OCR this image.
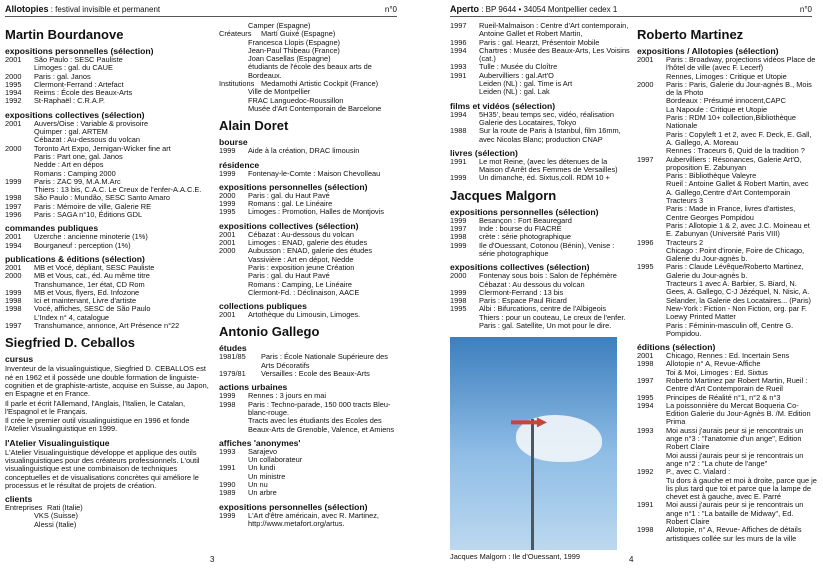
Allotopies : festival invisible et permanent	n°0
Martin Bourdanove
expositions personnelles (sélection)
2001	São Paulo : SESC Pauliste
Limoges : gal. du CAUE
2000	Paris : gal. Janos
1995	Clermont-Ferrand : Artefact
1994	Reims : École des Beaux-Arts
1992	St-Raphaël : C.R.A.P.
expositions collectives (sélection)
2001	Auvers/Oise : Variable & provisoire
Quimper : gal. ARTEM
Cébazat : Au-dessous du volcan
2000	Toronto Art Expo, Jernigan-Wicker fine art
Paris : Part one, gal. Janos
Nedde : Art en dépos
Romans : Camping 2000
1999	Paris : ZAC 99, M.A.M.Arc
Thiers : 13 bis, C.A.C. Le Creux de l'enfer-A.A.C.E.
1998	São Paulo : Mundão, SESC Santo Amaro
1997	Paris : Mémoire de ville, Galerie RE
1996	Paris : SAGA n°10, Éditions GDL
commandes publiques
2001	Uzerche : ancienne minoterie (1%)
1994	Bourganeuf : perception (1%)
publications & éditions (sélection)
2001	MB et Vocé, dépliant, SESC Pauliste
2000	MB et Vous, cat., éd. Au même titre
Transhumance, 1er état, CD Rom
1999	MB et Vous, flyers, Ed. Infozone
1998	Ici et maintenant, Livre d'artiste
1998	Vocé, affiches, SESC de São Paulo
L'Index n° 4, catalogue
1997	Transhumance, annonce, Art Présence n°22
Siegfried D. Ceballos
cursus
Inventeur de la visualinguistique, Siegfried D. CEBALLOS est né en 1962 et il possède une double formation de linguiste-cognitien et de graphiste-artiste, acquise en Suisse, au Japon, en Espagne et en France.
Il parle et écrit l'Allemand, l'Anglais, l'Italien, le Catalan, l'Espagnol et le Français.
Il crée le premier outil visualinguistique en 1996 et fonde l'Atelier Visualinguistique en 1999.
l'Atelier Visualinguistique
L'Atelier Visualinguistique développe et applique des outils visualinguistiques pour des créateurs professionnels. L'outil visualinguistique est une combinaison de techniques conceptuelles et de visualisations concrètes qui améliore le processus et le résultat de projets de création.
clients
Entreprises Rati (Italie)
VKS (Suisse)
Alessi (Italie)
Camper (Espagne)
Créateurs	Martí Guixé (Espagne)
Francesca Llopis (Espagne)
Jean-Paul Thibeau (France)
Joan Casellas (Espagne)
étudiants de l'école des beaux arts de Bordeaux.
Institutions Medamothi Artistic Cockpit (France)
Ville de Montpellier
FRAC Languedoc-Roussillon
Musée d'Art Contemporain de Barcelone
Alain Doret
bourse
1999	Aide à la création, DRAC limousin
résidence
1999	Fontenay-le-Comte : Maison Chevolleau
expositions personnelles (sélection)
2000	Paris : gal. du Haut Pavé
1999	Romans : gal. Le Linéaire
1995	Limoges : Promotion, Halles de Montjovis
expositions collectives (sélection)
2001	Cébazat : Au-dessous du volcan
2001	Limoges : ENAD, galerie des études
2000	Aubusson : ENAD, galerie des études
Vassivière : Art en dépot, Nedde
Paris : exposition jeune Création
Paris : gal. du Haut Pavé
Romans : Camping, Le Linéaire
Clermont-Fd. : Déclinaison, AACE
collections publiques
2001	Artothèque du Limousin, Limoges.
Antonio Gallego
études
1981/85	Paris : École Nationale Supérieure des Arts Décoratifs
1979/81	Versailles : Ecole des Beaux-Arts
actions urbaines
1999	Rennes : 3 jours en mai
1998	Paris : Techno-parade, 150 000 tracts Bleu-blanc-rouge.
Tracts avec les étudiants des Ecoles des Beaux-Arts de Grenoble, Valence, et Amiens
affiches 'anonymes'
1993	Sarajevo
Un collaborateur
1991	Un lundi
Un ministre
1990	Un nu
1989	Un arbre
expositions personnelles (sélection)
1999	L'Art d'être américain, avec R. Martinez,
http://www.metafort.org/artus.
3
Aperto : BP 9644 • 34054 Montpellier cedex 1	n°0
1997	Rueil-Malmaison : Centre d'Art contemporain, Antoine Gallet et Robert Martin,
1996	Paris : gal. Hearzt, Présentoir Mobile
1994	Chartres : Musée des Beaux-Arts, Les Voisins (cat.)
1993	Tulle : Musée du Cloître
1991	Aubervilliers : gal.Art'O
Leiden (NL) : gal. Time is Art
Leiden (NL) : gal. Lak
films et vidéos (sélection)
1994	5H35', beau temps sec, vidéo, réalisation Galerie des Locataires, Tokyo
1988	Sur la route de Paris à Istanbul, film 16mm, avec Nicolas Blanc; production CNAP
livres (sélection)
1991	Le mot Reine, (avec les détenues de la Maison d'Arrêt des Femmes de Versailles)
1999	Un dimanche, éd. Sixtus,coll. RDM 10 +
Jacques Malgorn
expositions personnelles (sélection)
1999	Besançon : Fort Beauregard
1997	Inde : bourse du FIACRE
1998	crète : série photographique
1999	Ile d'Ouessant, Cotonou (Bénin), Venise : série photographique
expositions collectives (sélection)
2000	Fontenay sous bois : Salon de l'éphémère
Cébazat : Au dessous du volcan
1999	Clermont-Ferrand : 13 bis
1998	Paris : Espace Paul Ricard
1995	Albi : Bifurcations, centre de l'Albigeois
Thiers : pour un couteau, Le creux de l'enfer.
Paris : gal. Satellite, Un mot pour le dire.
Jacques Malgorn : Ile d'Ouessant, 1999
Roberto Martinez
expositions / Allotopies (sélection)
2001	Paris : Broadway, projections vidéos Place de l'hôtel de ville (avec F. Lecerf)
Rennes, Limoges : Critique et Utopie
2000	Paris : Paris, Galerie du Jour-agnès B., Mois de la Photo
Bordeaux : Présumé innocent,CAPC
La Napoule : Critique et Utopie
Paris : RDM 10+ collection,Bibliothèque Nationale
Paris : Copyleft 1 et 2, avec F. Deck, E. Gall, A. Gallego, A. Moreau
Rennes : Traceurs 6, Quid de la tradition ?
1997	Aubervilliers : Résonances, Galerie Art'O, proposition E. Zabunyan
Paris : Bibliothèque Valeyre
Rueil : Antoine Gallet & Robert Martin, avec A. Gallego,Centre d'Art Contemporain
Tracteurs 3
Paris : Made in France, livres d'artistes, Centre Georges Pompidou
Paris : Allotopie 1 & 2, avec J.C. Moineau et E. Zabunyan (Université Paris VIII)
1996	Tracteurs 2
Chicago : Point d'ironie, Foire de Chicago, Galerie du Jour-agnès b.
1995	Paris : Claude Lévêque/Roberto Martinez, Galerie du Jour-agnès b.
Tracteurs 1 avec A. Barbier, S. Biard, N. Gees, A. Gallego, C-J Jézéquel, N. Nisic, A. Selander, la Galerie des Locataires... (Paris)
New-York : Fiction - Non Fiction, org. par F. Loewy Printed Matter
Paris : Féminin-masculin off, Centre G. Pompidou.
éditions (sélection)
2001	Chicago, Rennes : Ed. Incertain Sens
1998	Allotopie n° A, Revue-Affiche
Toi & Moi, Limoges : Ed. Sixtus
1997	Roberto Martinez par Robert Martin, Rueil : Centre d'Art Contemporain de Rueil
1995	Principes de Réalité n°1, n°2 & n°3
1994	La poissonnière du Mercat Boqueria Co-Edition Galerie du Jour-Agnès B. /M. Edition Prima
1993	Moi aussi j'aurais peur si je rencontrais un ange n°3 : "l'anatomie d'un ange", Edition Robert Claire
Moi aussi j'aurais peur si je rencontrais un ange n°2 : "La chute de l'ange"
1992	P., avec C. Vialard :
Tu dors à gauche et moi à droite, parce que je lis plus tard que toi et parce que la lampe de chevet est à gauche, avec E. Parré
1991	Moi aussi j'aurais peur si je rencontrais un ange n°1 : "La bataille de Midway", Ed. Robert Claire
1998	Allotopie, n° A, Revue- Affiches de détails artistiques collée sur les murs de la ville
4
